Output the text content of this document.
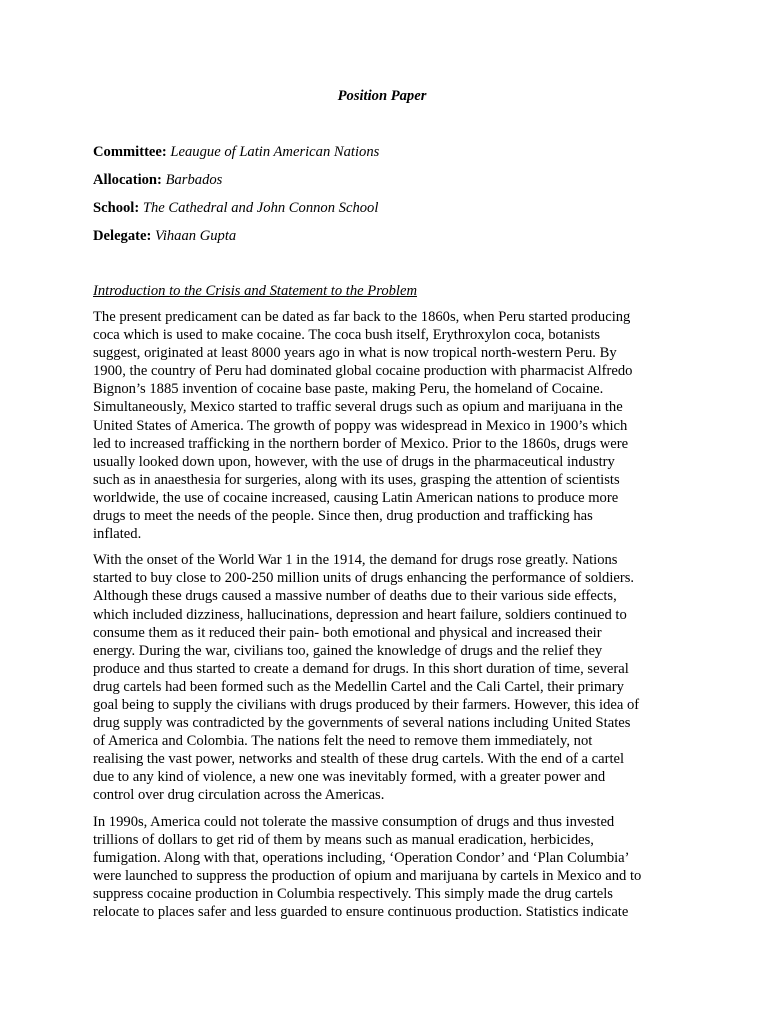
Position Paper
Committee: Leaugue of Latin American Nations
Allocation: Barbados
School: The Cathedral and John Connon School
Delegate: Vihaan Gupta
Introduction to the Crisis and Statement to the Problem
The present predicament can be dated as far back to the 1860s, when Peru started producing
coca which is used to make cocaine. The coca bush itself, Erythroxylon coca, botanists
suggest, originated at least 8000 years ago in what is now tropical north-western Peru. By
1900, the country of Peru had dominated global cocaine production with pharmacist Alfredo
Bignon’s 1885 invention of cocaine base paste, making Peru, the homeland of Cocaine.
Simultaneously, Mexico started to traffic several drugs such as opium and marijuana in the
United States of America. The growth of poppy was widespread in Mexico in 1900’s which
led to increased trafficking in the northern border of Mexico. Prior to the 1860s, drugs were
usually looked down upon, however, with the use of drugs in the pharmaceutical industry
such as in anaesthesia for surgeries, along with its uses, grasping the attention of scientists
worldwide, the use of cocaine increased, causing Latin American nations to produce more
drugs to meet the needs of the people. Since then, drug production and trafficking has
inflated.
With the onset of the World War 1 in the 1914, the demand for drugs rose greatly. Nations
started to buy close to 200-250 million units of drugs enhancing the performance of soldiers.
Although these drugs caused a massive number of deaths due to their various side effects,
which included dizziness, hallucinations, depression and heart failure, soldiers continued to
consume them as it reduced their pain- both emotional and physical and increased their
energy. During the war, civilians too, gained the knowledge of drugs and the relief they
produce and thus started to create a demand for drugs. In this short duration of time, several
drug cartels had been formed such as the Medellin Cartel and the Cali Cartel, their primary
goal being to supply the civilians with drugs produced by their farmers. However, this idea of
drug supply was contradicted by the governments of several nations including United States
of America and Colombia. The nations felt the need to remove them immediately, not
realising the vast power, networks and stealth of these drug cartels. With the end of a cartel
due to any kind of violence, a new one was inevitably formed, with a greater power and
control over drug circulation across the Americas.
In 1990s, America could not tolerate the massive consumption of drugs and thus invested
trillions of dollars to get rid of them by means such as manual eradication, herbicides,
fumigation. Along with that, operations including, ‘Operation Condor’ and ‘Plan Columbia’
were launched to suppress the production of opium and marijuana by cartels in Mexico and to
suppress cocaine production in Columbia respectively. This simply made the drug cartels
relocate to places safer and less guarded to ensure continuous production. Statistics indicate
